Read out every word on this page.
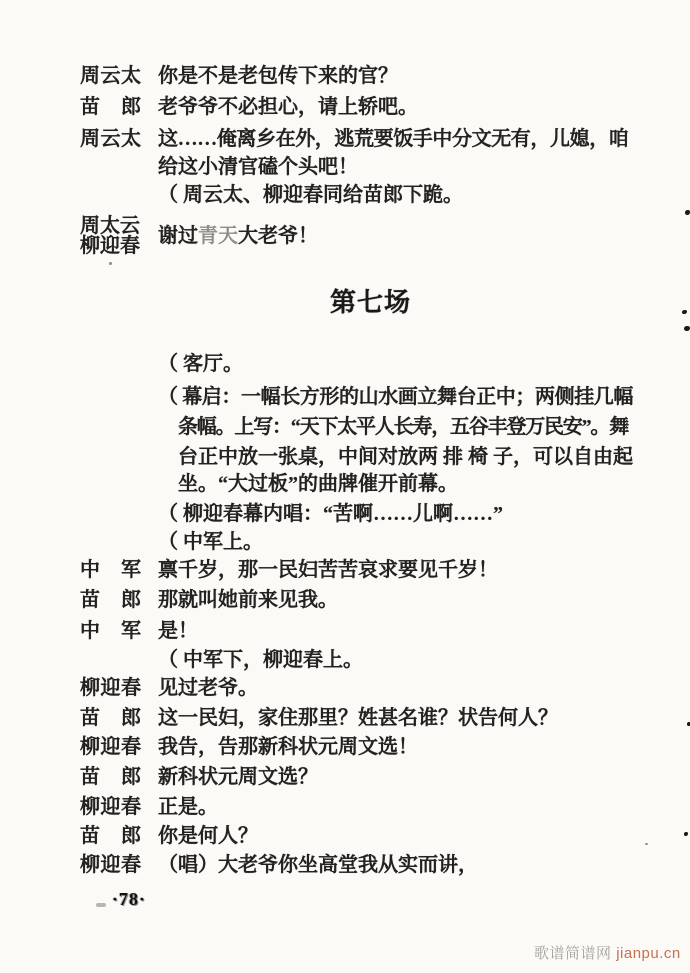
周云太 你是不是老包传下来的官？
苗　郎 老爷爷不必担心，请上轿吧。
周云太 这……俺离乡在外，逃荒要饭手中分文无有，儿媳，咱
给这小清官磕个头吧！
（ 周云太、柳迎春同给苗郎下跪。
周太云
柳迎春 谢过青天大老爷！
第七场
（ 客厅。
（ 幕启：一幅长方形的山水画立舞台正中；两侧挂几幅
条幅。上写：“天下太平人长寿，五谷丰登万民安”。舞
台正中放一张桌，中间对放两 排 椅 子，可以自由起
坐。“大过板”的曲牌催开前幕。
（ 柳迎春幕内唱：“苦啊……儿啊……”
（ 中军上。
中　军 禀千岁，那一民妇苦苦哀求要见千岁！
苗　郎 那就叫她前来见我。
中　军 是！
（ 中军下，柳迎春上。
柳迎春 见过老爷。
苗　郎 这一民妇，家住那里？姓甚名谁？状告何人？
柳迎春 我告，告那新科状元周文选！
苗　郎 新科状元周文选？
柳迎春 正是。
苗　郎 你是何人？
柳迎春 （唱）大老爷你坐高堂我从实而讲，
·78·
歌谱简谱网 jianpu.cn
